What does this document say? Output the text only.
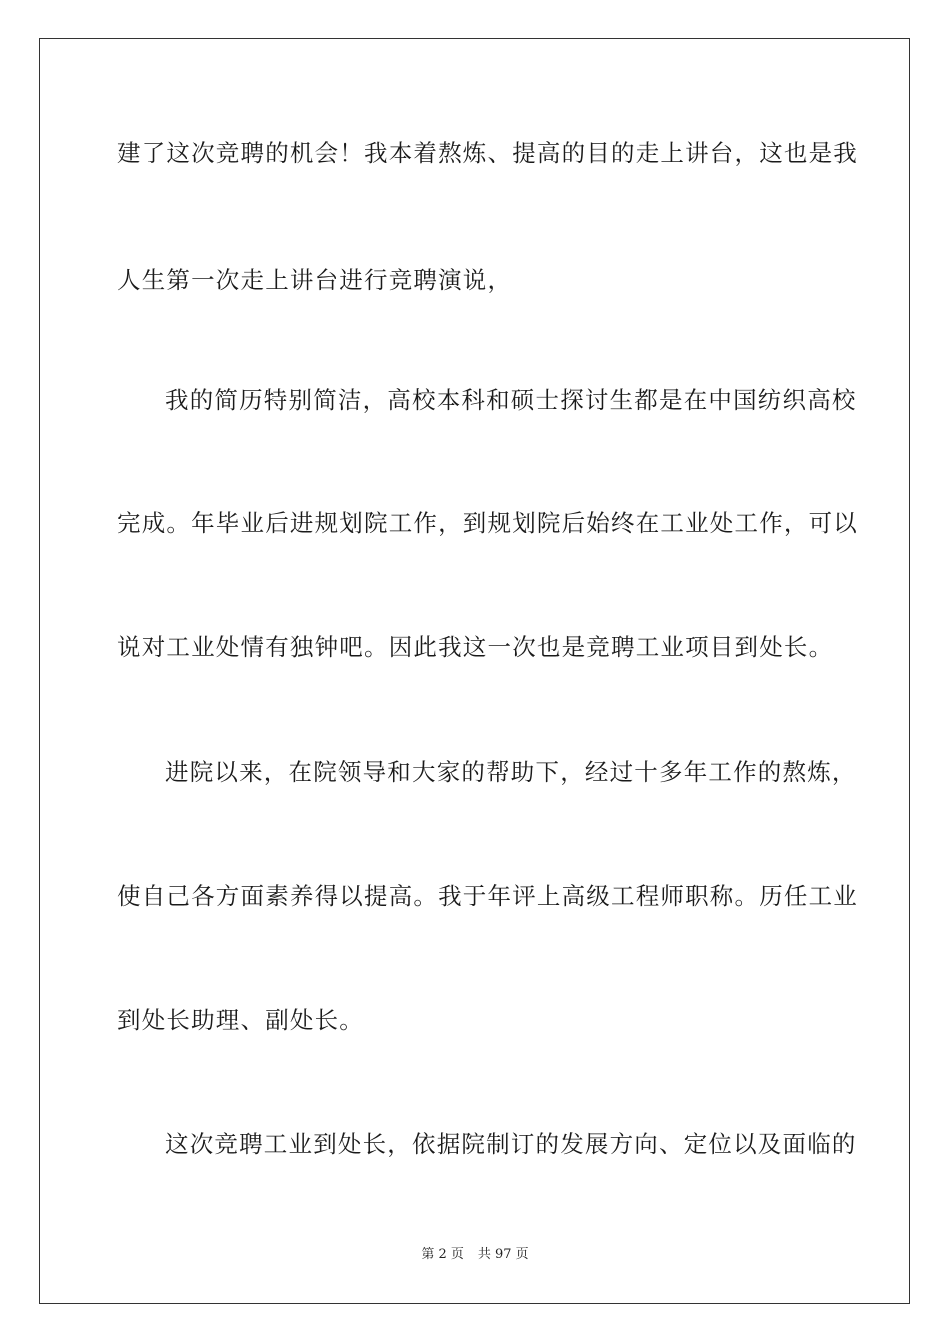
建了这次竞聘的机会！我本着熬炼、提高的目的走上讲台，这也是我
人生第一次走上讲台进行竞聘演说，
我的简历特别简洁，高校本科和硕士探讨生都是在中国纺织高校
完成。年毕业后进规划院工作，到规划院后始终在工业处工作，可以
说对工业处情有独钟吧。因此我这一次也是竞聘工业项目到处长。
进院以来，在院领导和大家的帮助下，经过十多年工作的熬炼，
使自己各方面素养得以提高。我于年评上高级工程师职称。历任工业
到处长助理、副处长。
这次竞聘工业到处长，依据院制订的发展方向、定位以及面临的
第 2 页 共 97 页
